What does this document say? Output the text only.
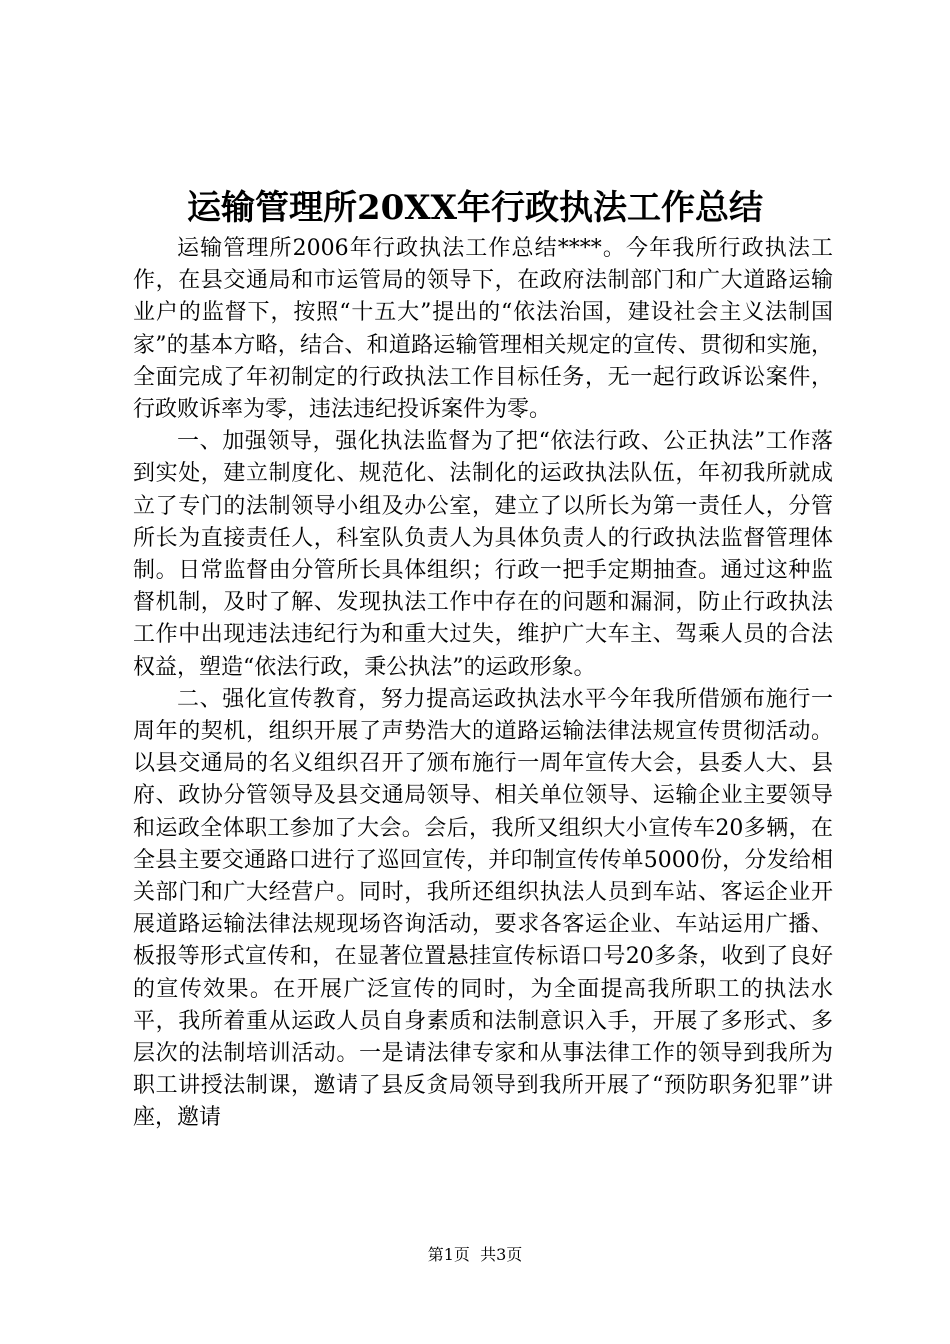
运输管理所20XX年行政执法工作总结

运输管理所2006年行政执法工作总结****。今年我所行政执法工作，在县交通局和市运管局的领导下，在政府法制部门和广大道路运输业户的监督下，按照“十五大”提出的“依法治国，建设社会主义法制国家”的基本方略，结合、和道路运输管理相关规定的宣传、贯彻和实施，全面完成了年初制定的行政执法工作目标任务，无一起行政诉讼案件，行政败诉率为零，违法违纪投诉案件为零。

一、加强领导，强化执法监督为了把“依法行政、公正执法”工作落到实处，建立制度化、规范化、法制化的运政执法队伍，年初我所就成立了专门的法制领导小组及办公室，建立了以所长为第一责任人，分管所长为直接责任人，科室队负责人为具体负责人的行政执法监督管理体制。日常监督由分管所长具体组织；行政一把手定期抽查。通过这种监督机制，及时了解、发现执法工作中存在的问题和漏洞，防止行政执法工作中出现违法违纪行为和重大过失，维护广大车主、驾乘人员的合法权益，塑造“依法行政，秉公执法”的运政形象。

二、强化宣传教育，努力提高运政执法水平今年我所借颁布施行一周年的契机，组织开展了声势浩大的道路运输法律法规宣传贯彻活动。以县交通局的名义组织召开了颁布施行一周年宣传大会，县委人大、县府、政协分管领导及县交通局领导、相关单位领导、运输企业主要领导和运政全体职工参加了大会。会后，我所又组织大小宣传车20多辆，在全县主要交通路口进行了巡回宣传，并印制宣传传单5000份，分发给相关部门和广大经营户。同时，我所还组织执法人员到车站、客运企业开展道路运输法律法规现场咨询活动，要求各客运企业、车站运用广播、板报等形式宣传和，在显著位置悬挂宣传标语口号20多条，收到了良好的宣传效果。在开展广泛宣传的同时，为全面提高我所职工的执法水平，我所着重从运政人员自身素质和法制意识入手，开展了多形式、多层次的法制培训活动。一是请法律专家和从事法律工作的领导到我所为职工讲授法制课，邀请了县反贪局领导到我所开展了“预防职务犯罪”讲座，邀请

第1页 共3页
